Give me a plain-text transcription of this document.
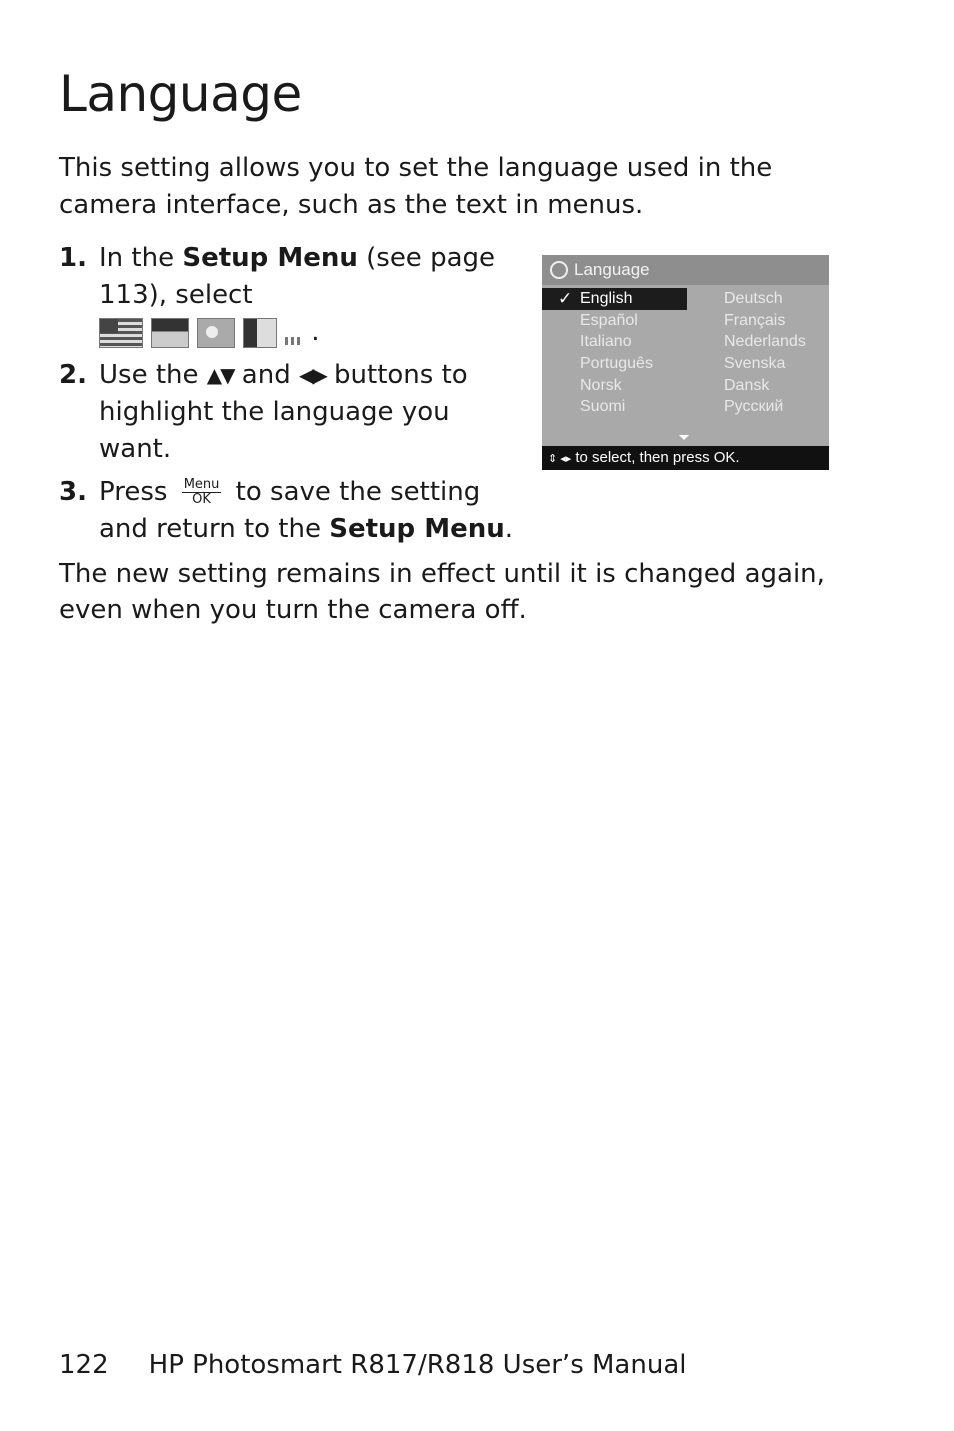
Language

This setting allows you to set the language used in the camera interface, such as the text in menus.

1. In the Setup Menu (see page 113), select

.
2. Use the ▲▼ and ◀▶ buttons to highlight the language you want.
3. Press Menu
OK to save the setting and return to the Setup Menu.
Language
✓ English
Español
Italiano
Português
Norsk
Suomi
Deutsch
Français
Nederlands
Svenska
Dansk
Русский
⇕ ◂▸ to select, then press OK.

The new setting remains in effect until it is changed again, even when you turn the camera off.

122 HP Photosmart R817/R818 User’s Manual
